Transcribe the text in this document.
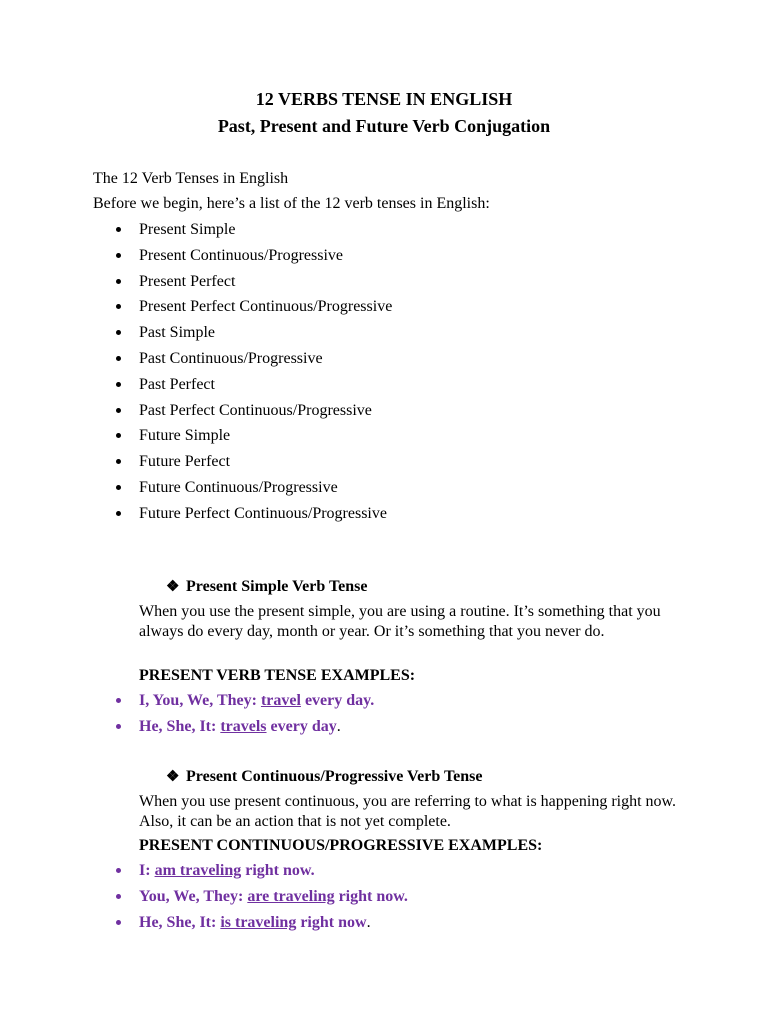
12 VERBS TENSE IN ENGLISH
Past, Present and Future Verb Conjugation

The 12 Verb Tenses in English

Before we begin, here’s a list of the 12 verb tenses in English:

Present Simple
Present Continuous/Progressive
Present Perfect
Present Perfect Continuous/Progressive
Past Simple
Past Continuous/Progressive
Past Perfect
Past Perfect Continuous/Progressive
Future Simple
Future Perfect
Future Continuous/Progressive
Future Perfect Continuous/Progressive
❖ Present Simple Verb Tense

When you use the present simple, you are using a routine. It’s something that you always do every day, month or year. Or it’s something that you never do.

PRESENT VERB TENSE EXAMPLES:
I, You, We, They: travel every day.
He, She, It: travels every day.
❖ Present Continuous/Progressive Verb Tense

When you use present continuous, you are referring to what is happening right now. Also, it can be an action that is not yet complete.

PRESENT CONTINUOUS/PROGRESSIVE EXAMPLES:
I: am traveling right now.
You, We, They: are traveling right now.
He, She, It: is traveling right now.
